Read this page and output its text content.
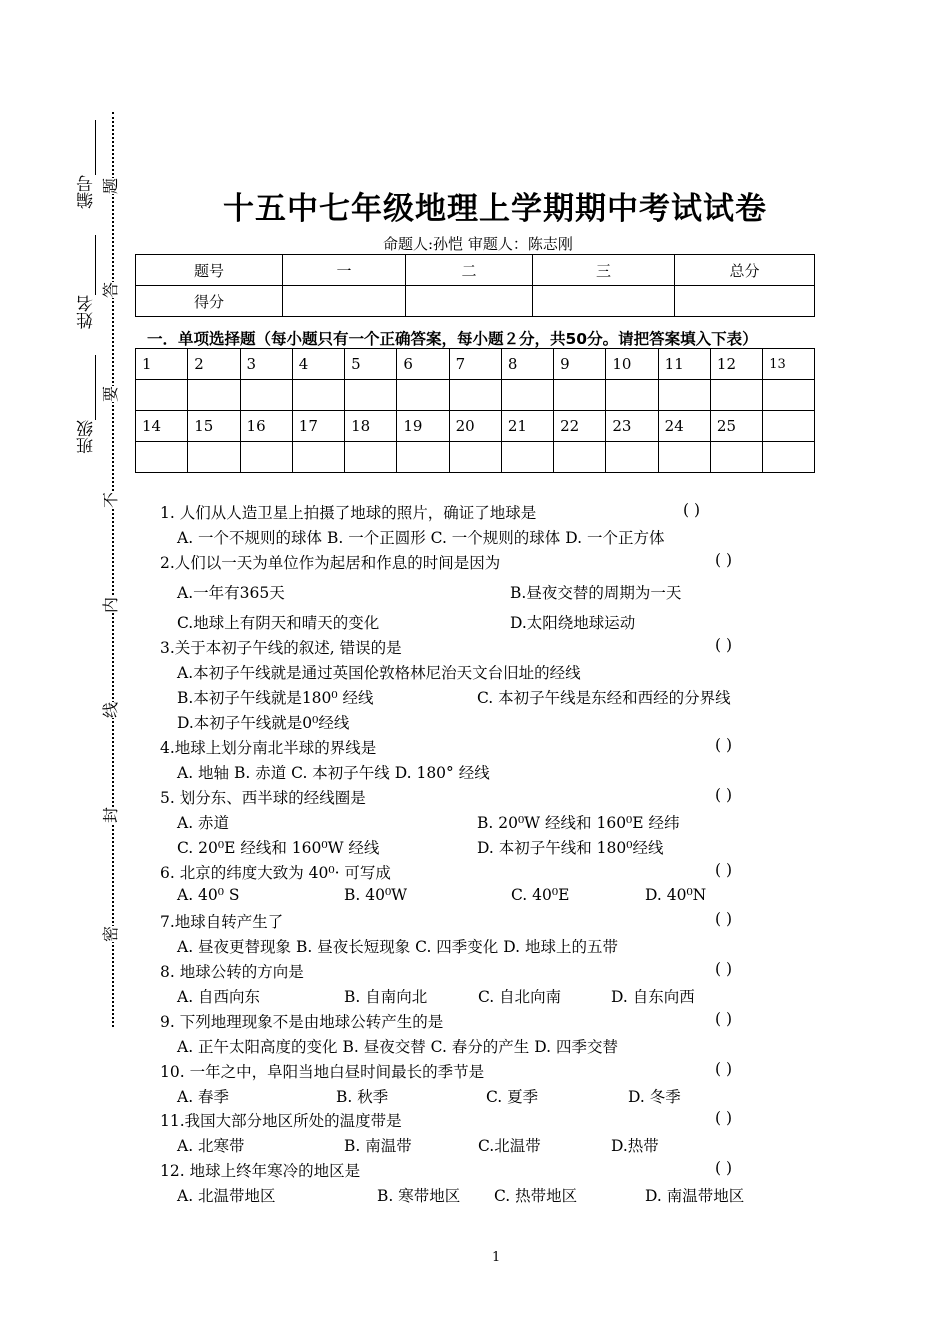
编号
姓名
班级
题
答
要
不
内
线
封
密
十五中七年级地理上学期期中考试试卷
命题人:孙恺 审题人：陈志刚
题号	一	二	三	总分
得分				
一．单项选择题（每小题只有一个正确答案，每小题２分，共50分。请把答案填入下表）
1	2	3	4	5	6	7	8	9	10	11	12	13

14	15	16	17	18	19	20	21	22	23	24	25	

1. 人们从人造卫星上拍摄了地球的照片，确证了地球是	( )
A. 一个不规则的球体 B. 一个正圆形 C. 一个规则的球体 D. 一个正方体
2.人们以一天为单位作为起居和作息的时间是因为	( )
A.一年有365天	B.昼夜交替的周期为一天
C.地球上有阴天和晴天的变化	D.太阳绕地球运动
3.关于本初子午线的叙述, 错误的是	( )
A.本初子午线就是通过英国伦敦格林尼治天文台旧址的经线
B.本初子午线就是180⁰ 经线	C. 本初子午线是东经和西经的分界线
D.本初子午线就是0⁰经线
4.地球上划分南北半球的界线是	( )
A. 地轴 B. 赤道 C. 本初子午线 D. 180° 经线
5. 划分东、西半球的经线圈是	( )
A. 赤道	B. 20⁰W 经线和 160⁰E 经纬
C. 20⁰E 经线和 160⁰W 经线	D. 本初子午线和 180⁰经线
6. 北京的纬度大致为 40⁰· 可写成	( )
A. 40⁰ S	B. 40⁰W	C. 40⁰E	D. 40⁰N
7.地球自转产生了	( )
A. 昼夜更替现象 B. 昼夜长短现象 C. 四季变化 D. 地球上的五带
8. 地球公转的方向是	( )
A. 自西向东	B. 自南向北	C. 自北向南	D. 自东向西
9. 下列地理现象不是由地球公转产生的是	( )
A. 正午太阳高度的变化 B. 昼夜交替 C. 春分的产生 D. 四季交替
10. 一年之中，阜阳当地白昼时间最长的季节是	( )
A. 春季	B. 秋季	C. 夏季	D. 冬季
11.我国大部分地区所处的温度带是	( )
A. 北寒带	B. 南温带	C.北温带	D.热带
12. 地球上终年寒冷的地区是	( )
A. 北温带地区	B. 寒带地区 C. 热带地区	D. 南温带地区
1
